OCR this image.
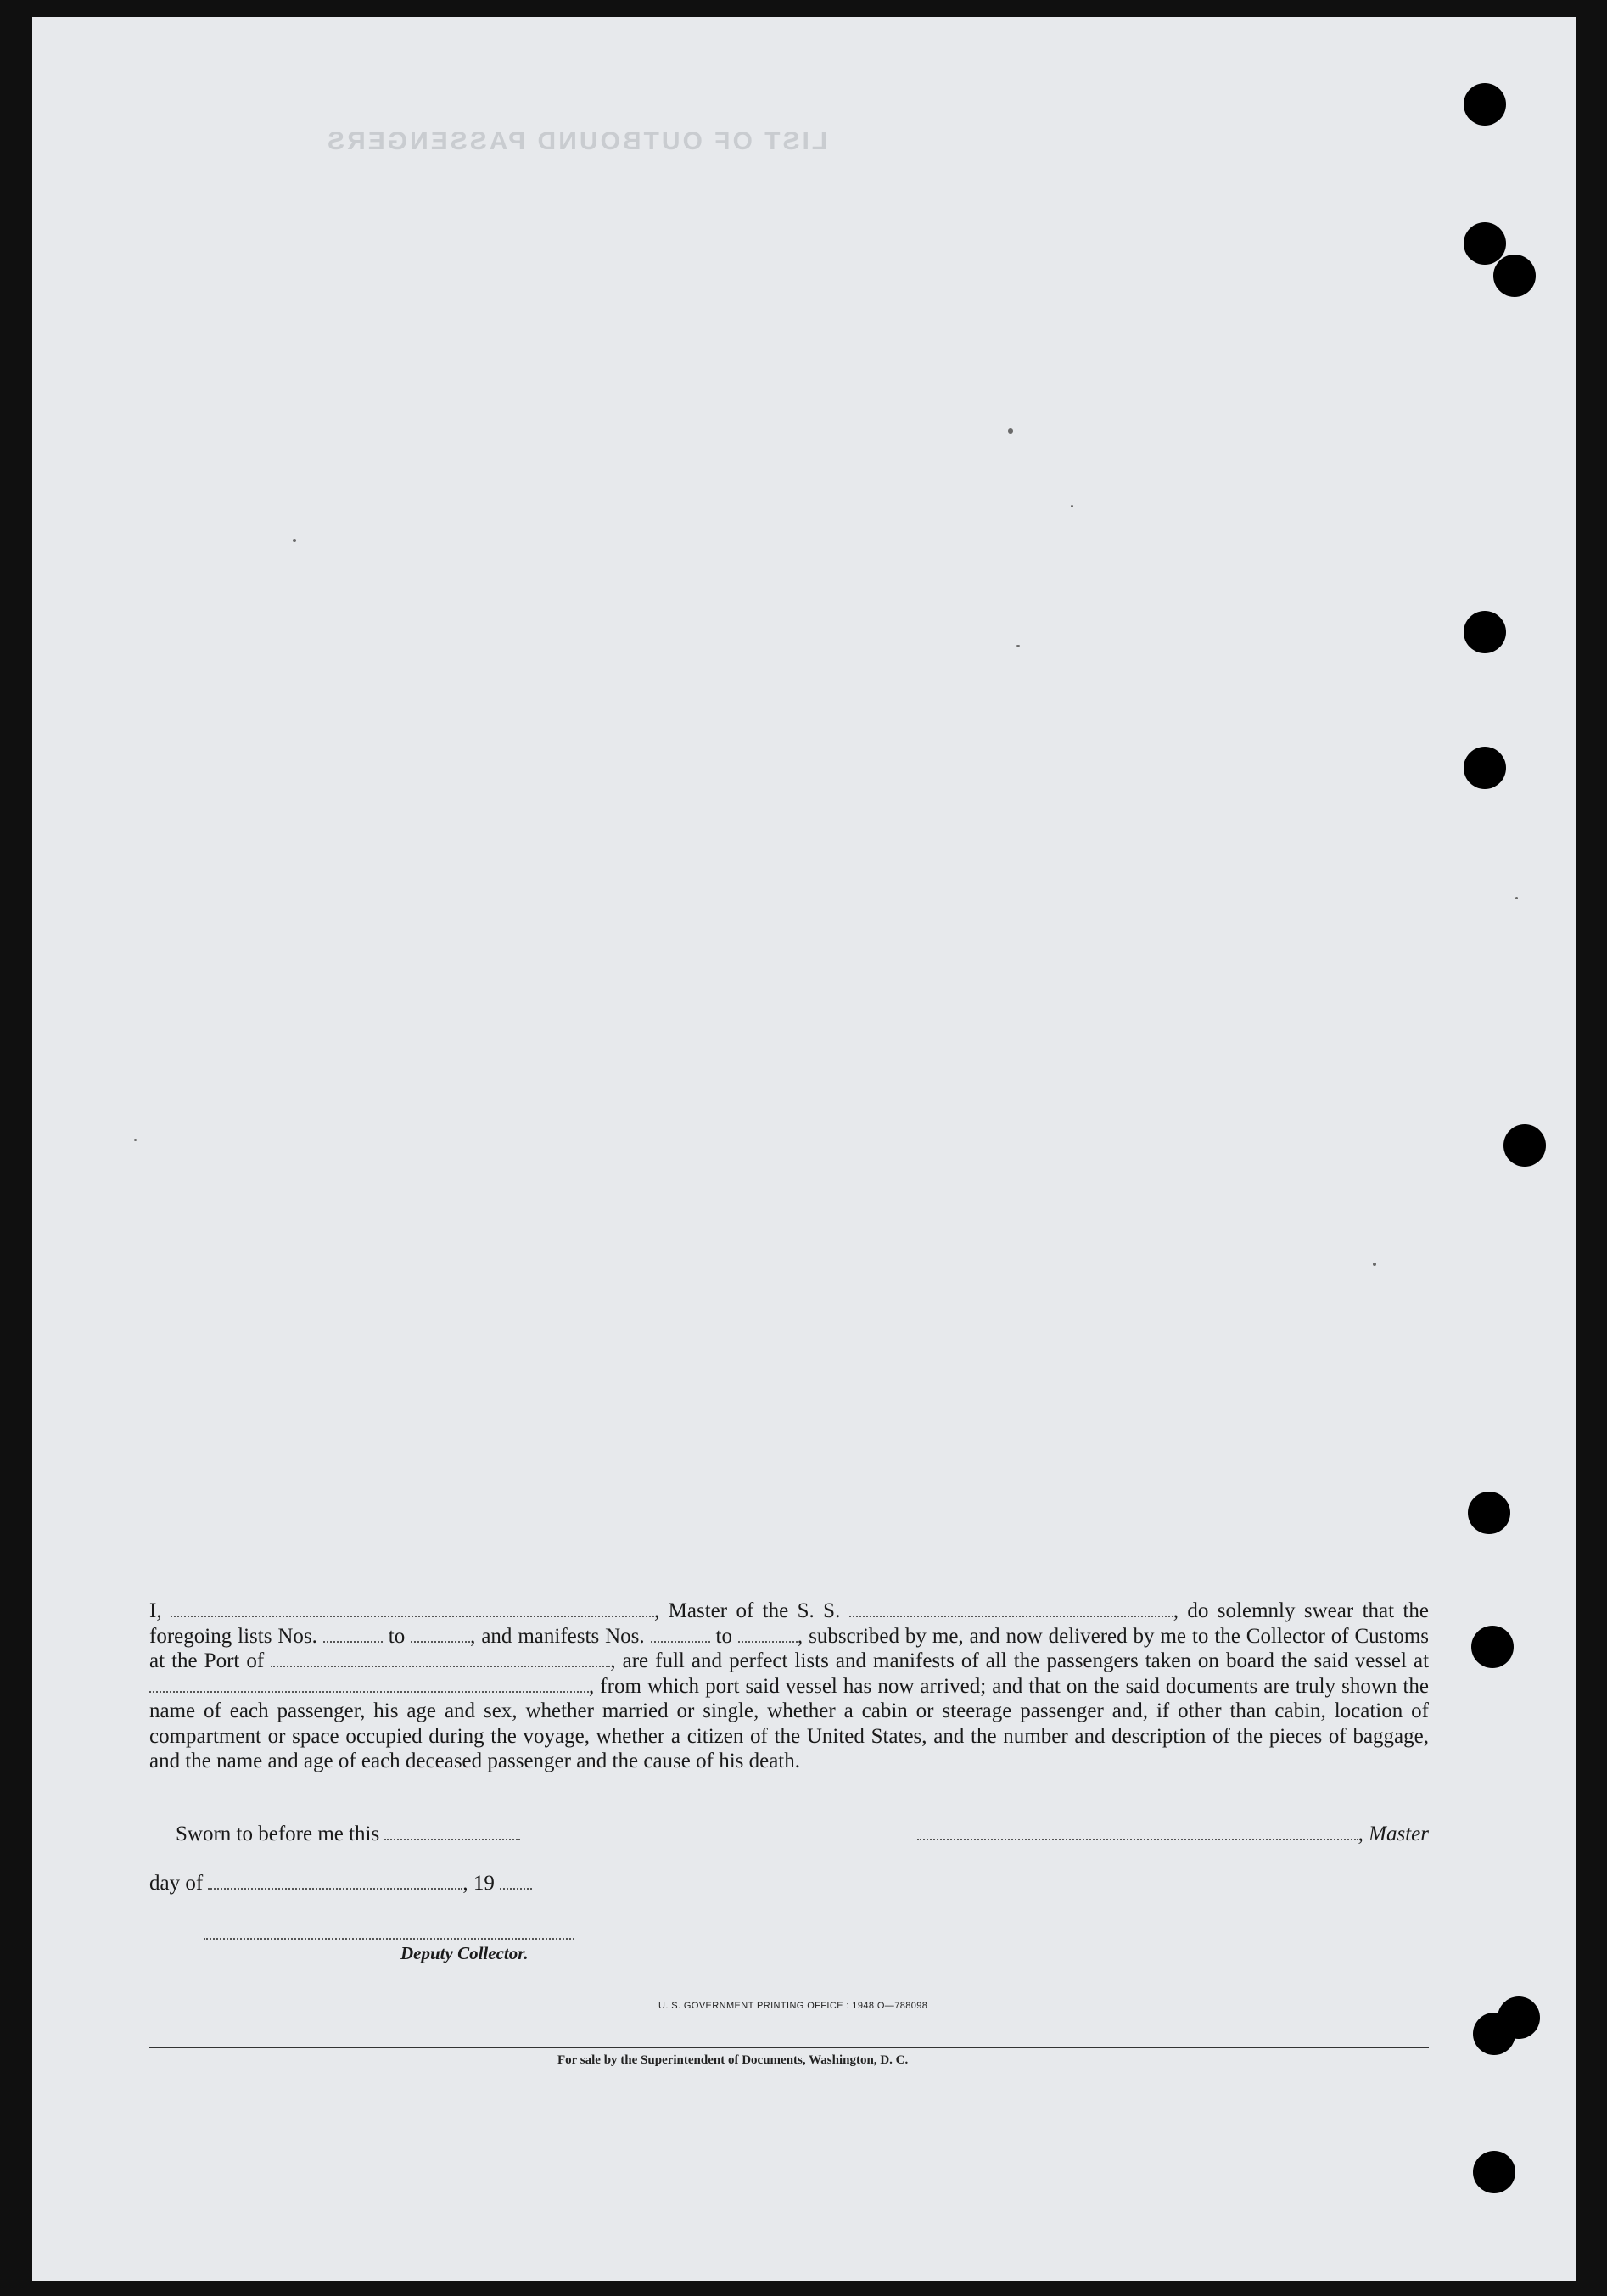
LIST OF OUTBOUND PASSENGERS

I,	, Master of the S. S.	, do solemnly swear that the foregoing lists Nos.	to	, and manifests Nos.	to	, subscribed by me, and now delivered by me to the Collector of Customs at the Port of	, are full and perfect lists and manifests of all the passengers taken on board the said vessel at , from which port said vessel has now arrived; and that on the said documents are truly shown the name of each passenger, his age and sex, whether married or single, whether a cabin or steerage passenger and, if other than cabin, location of compartment or space occupied during the voyage, whether a citizen of the United States, and the number and description of the pieces of baggage, and the name and age of each deceased passenger and the cause of his death.

Sworn to before me this	, Master
day of	, 19
Deputy Collector.
U. S. GOVERNMENT PRINTING OFFICE : 1948 O—788098
For sale by the Superintendent of Documents, Washington, D. C.
